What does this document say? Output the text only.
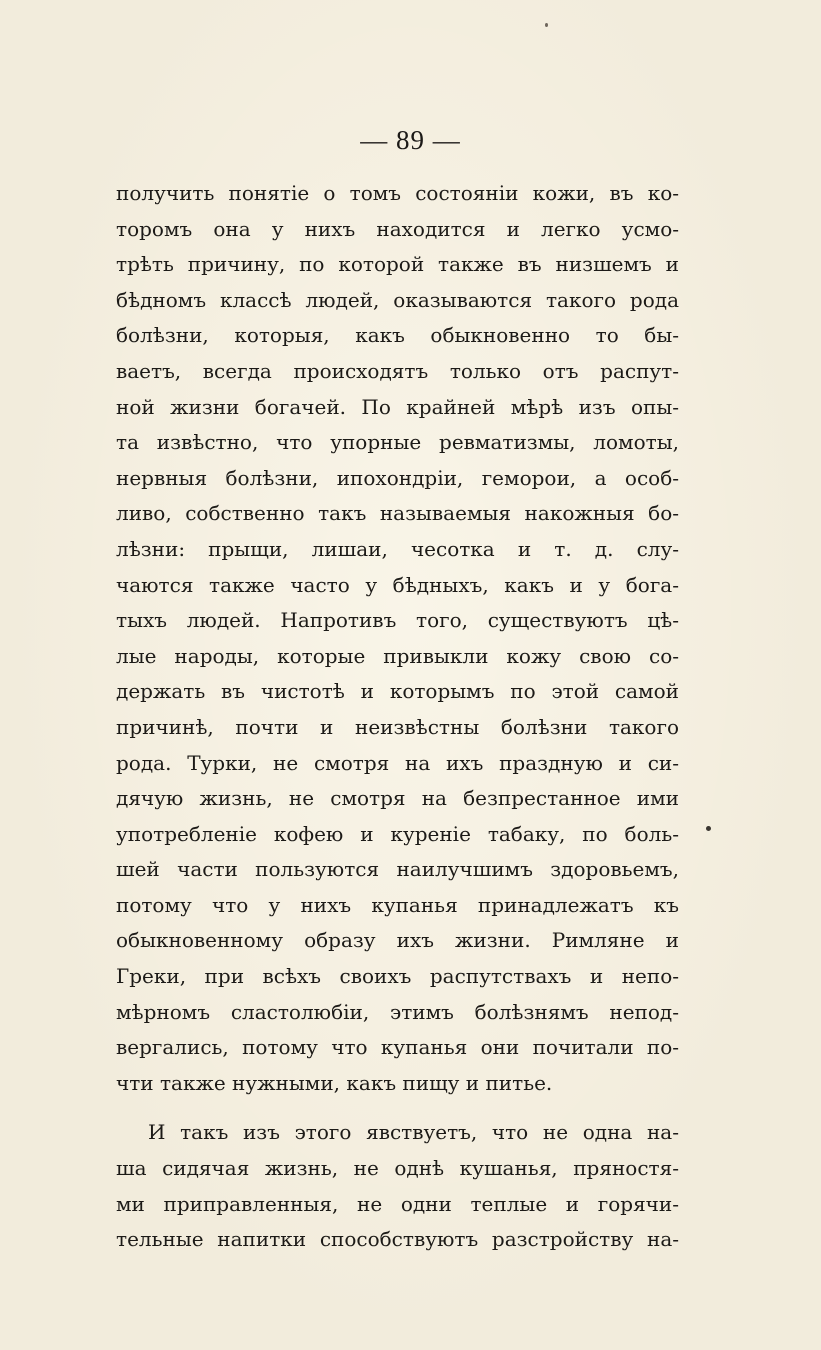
— 89 —
получить понятіе о томъ состояніи кожи, въ ко-
торомъ она у нихъ находится и легко усмо-
трѣть причину, по которой также въ низшемъ и
бѣдномъ классѣ людей, оказываются такого рода
болѣзни, которыя, какъ обыкновенно то бы-
ваетъ, всегда происходятъ только отъ распут-
ной жизни богачей. По крайней мѣрѣ изъ опы-
та извѣстно, что упорные ревматизмы, ломоты,
нервныя болѣзни, ипохондріи, геморои, а особ-
ливо, собственно такъ называемыя накожныя бо-
лѣзни: прыщи, лишаи, чесотка и т. д. слу-
чаются также часто у бѣдныхъ, какъ и у бога-
тыхъ людей. Напротивъ того, существуютъ цѣ-
лые народы, которые привыкли кожу свою со-
держать въ чистотѣ и которымъ по этой самой
причинѣ, почти и неизвѣстны болѣзни такого
рода. Турки, не смотря на ихъ праздную и си-
дячую жизнь, не смотря на безпрестанное ими
употребленіе кофею и куреніе табаку, по боль-
шей части пользуются наилучшимъ здоровьемъ,
потому что у нихъ купанья принадлежатъ къ
обыкновенному образу ихъ жизни. Римляне и
Греки, при всѣхъ своихъ распутствахъ и непо-
мѣрномъ сластолюбіи, этимъ болѣзнямъ непод-
вергались, потому что купанья они почитали по-
чти также нужными, какъ пищу и питье.
И такъ изъ этого явствуетъ, что не одна на-
ша сидячая жизнь, не однѣ кушанья, пряностя-
ми приправленныя, не одни теплые и горячи-
тельные напитки способствуютъ разстройству на-
